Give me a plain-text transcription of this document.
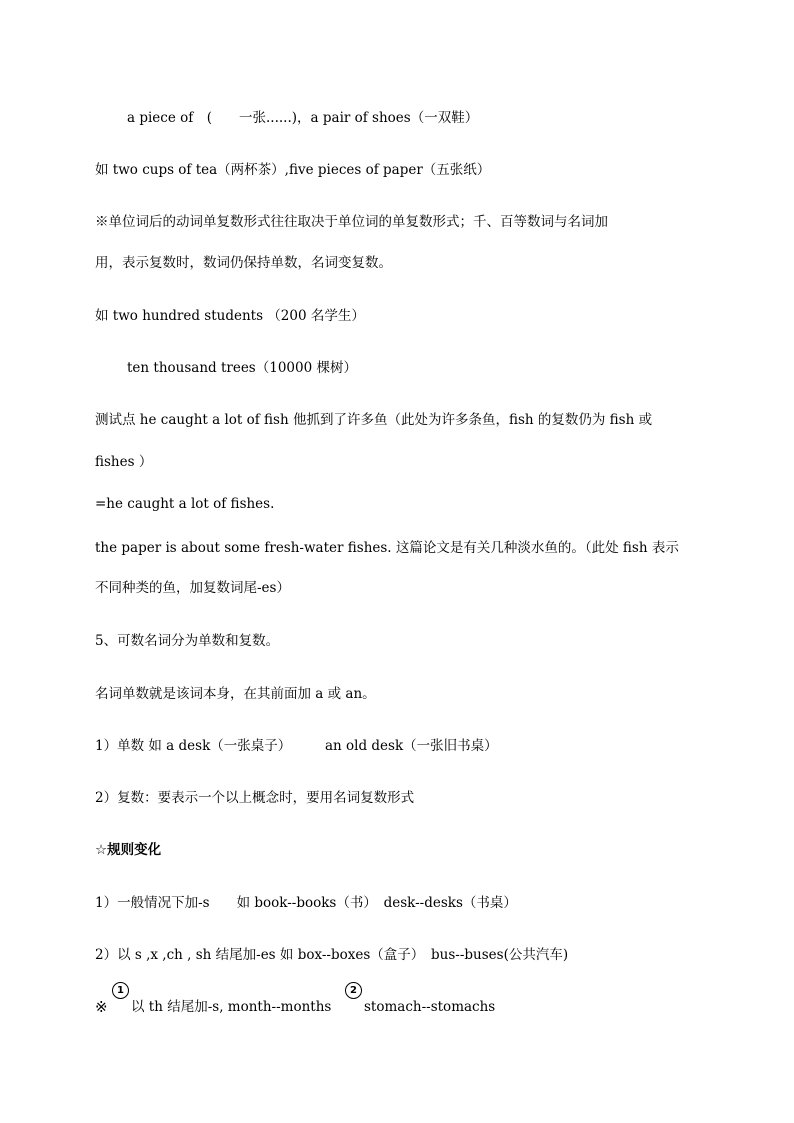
a piece of　(　　一张......)，a pair of shoes（一双鞋）
如 two cups of tea（两杯茶）,five pieces of paper（五张纸）
※单位词后的动词单复数形式往往取决于单位词的单复数形式；千、百等数词与名词加
用，表示复数时，数词仍保持单数，名词变复数。
如 two hundred students （200 名学生）
ten thousand trees（10000 棵树）
测试点 he caught a lot of fish 他抓到了许多鱼（此处为许多条鱼，fish 的复数仍为 fish 或
fishes ）
=he caught a lot of fishes.
the paper is about some fresh-water fishes. 这篇论文是有关几种淡水鱼的。（此处 fish 表示
不同种类的鱼，加复数词尾-es）
5、可数名词分为单数和复数。
名词单数就是该词本身，在其前面加 a 或 an。
1）单数 如 a desk（一张桌子）　　　an old desk（一张旧书桌）
2）复数：要表示一个以上概念时，要用名词复数形式
☆规则变化
1）一般情况下加-s　　如 book--books（书）　desk--desks（书桌）
2）以 s ,x ,ch , sh 结尾加-es 如 box--boxes（盒子）　bus--buses(公共汽车)
※
1
以 th 结尾加-s, month--months
2
stomach--stomachs
